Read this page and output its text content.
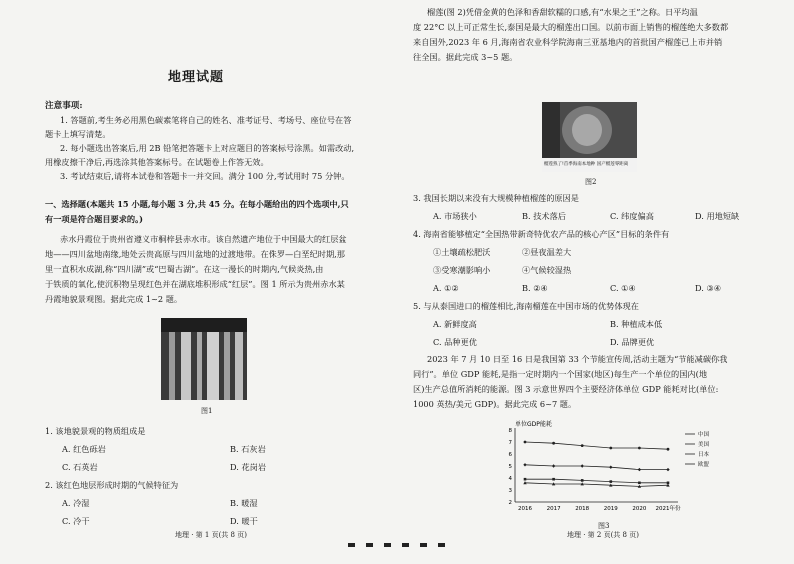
地理试题
注意事项:
1. 答题前,考生务必用黑色碳素笔将自己的姓名、准考证号、考场号、座位号在答
题卡上填写清楚。
2. 每小题选出答案后,用 2B 铅笔把答题卡上对应题目的答案标号涂黑。如需改动,
用橡皮擦干净后,再选涂其他答案标号。在试题卷上作答无效。
3. 考试结束后,请将本试卷和答题卡一并交回。满分 100 分,考试用时 75 分钟。
一、选择题(本题共 15 小题,每小题 3 分,共 45 分。在每小题给出的四个选项中,只
有一项是符合题目要求的。)
赤水丹霞位于贵州省遵义市桐梓县赤水市。该自然遗产地位于中国最大的红层盆
地——四川盆地南缘,地处云贵高原与四川盆地的过渡地带。在侏罗—白垩纪时期,那
里一直积水成湖,称“四川湖”或“巴蜀古湖”。在这一漫长的时期内,气候炎热,由
于铁质的氧化,使沉积物呈现红色并在湖底堆积形成“红层”。图 1 所示为贵州赤水某
丹霞地貌景观图。据此完成 1~2 题。
图1
1. 该地貌景观的物质组成是
A. 红色砾岩	B. 石灰岩
C. 石英岩	D. 花岗岩
2. 该红色地层形成时期的气候特征为
A. 冷湿	B. 暖湿
C. 冷干	D. 暖干
地理 · 第 1 页(共 8 页)
榴莲(图 2)凭借金黄的色泽和香甜软糯的口感,有“水果之王”之称。日平均温
度 22°C 以上可正常生长,泰国是最大的榴莲出口国。以前市面上销售的榴莲绝大多数都
来自国外,2023 年 6 月,海南省农业科学院海南三亚基地内的首批国产榴莲已上市并销
往全国。据此完成 3~5 题。
榴莲熟了!首季海南本地种 国产榴莲零距离
图2
3. 我国长期以来没有大规模种植榴莲的原因是
A. 市场狭小	B. 技术落后	C. 纬度偏高	D. 用地短缺
4. 海南省能够植定“全国热带新奇特优农产品的核心产区”目标的条件有
①土壤疏松肥沃	②昼夜温差大
③受寒潮影响小	④气候较湿热
A. ①②	B. ②④	C. ①④	D. ③④
5. 与从泰国进口的榴莲相比,海南榴莲在中国市场的优势体现在
A. 新鲜度高	B. 种植成本低
C. 品种更优	D. 品牌更优
2023 年 7 月 10 日至 16 日是我国第 33 个节能宣传周,活动主题为“节能减碳你我
同行”。单位 GDP 能耗,是指一定时期内一个国家(地区)每生产一个单位的国内(地
区)生产总值所消耗的能源。图 3 示意世界四个主要经济体单位 GDP 能耗对比(单位:
1000 英热/美元 GDP)。据此完成 6~7 题。
单位GDP能耗
2
3
4
5
6
7
8
2016	2017	2018	2019	2020 2021年份
中国
美国
日本
欧盟
图3
地理 · 第 2 页(共 8 页)
